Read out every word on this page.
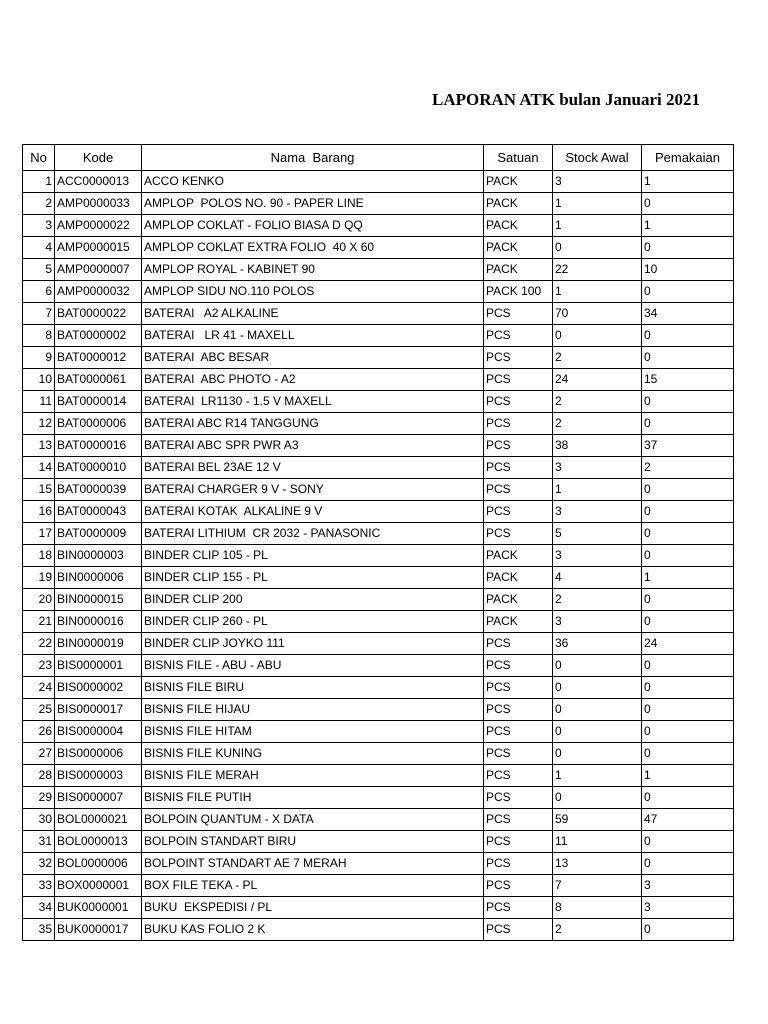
LAPORAN ATK bulan Januari 2021
No	Kode	Nama  Barang	Satuan	Stock Awal	Pemakaian
1	ACC0000013	ACCO KENKO	PACK	3	1
2	AMP0000033	AMPLOP  POLOS NO. 90 - PAPER LINE	PACK	1	0
3	AMP0000022	AMPLOP COKLAT - FOLIO BIASA D QQ	PACK	1	1
4	AMP0000015	AMPLOP COKLAT EXTRA FOLIO  40 X 60	PACK	0	0
5	AMP0000007	AMPLOP ROYAL - KABINET 90	PACK	22	10
6	AMP0000032	AMPLOP SIDU NO.110 POLOS	PACK 100	1	0
7	BAT0000022	BATERAI   A2 ALKALINE	PCS	70	34
8	BAT0000002	BATERAI   LR 41 - MAXELL	PCS	0	0
9	BAT0000012	BATERAI  ABC BESAR	PCS	2	0
10	BAT0000061	BATERAI  ABC PHOTO - A2	PCS	24	15
11	BAT0000014	BATERAI  LR1130 - 1.5 V MAXELL	PCS	2	0
12	BAT0000006	BATERAI ABC R14 TANGGUNG	PCS	2	0
13	BAT0000016	BATERAI ABC SPR PWR A3	PCS	38	37
14	BAT0000010	BATERAI BEL 23AE 12 V	PCS	3	2
15	BAT0000039	BATERAI CHARGER 9 V - SONY	PCS	1	0
16	BAT0000043	BATERAI KOTAK  ALKALINE 9 V	PCS	3	0
17	BAT0000009	BATERAI LITHIUM  CR 2032 - PANASONIC	PCS	5	0
18	BIN0000003	BINDER CLIP 105 - PL	PACK	3	0
19	BIN0000006	BINDER CLIP 155 - PL	PACK	4	1
20	BIN0000015	BINDER CLIP 200	PACK	2	0
21	BIN0000016	BINDER CLIP 260 - PL	PACK	3	0
22	BIN0000019	BINDER CLIP JOYKO 111	PCS	36	24
23	BIS0000001	BISNIS FILE - ABU - ABU	PCS	0	0
24	BIS0000002	BISNIS FILE BIRU	PCS	0	0
25	BIS0000017	BISNIS FILE HIJAU	PCS	0	0
26	BIS0000004	BISNIS FILE HITAM	PCS	0	0
27	BIS0000006	BISNIS FILE KUNING	PCS	0	0
28	BIS0000003	BISNIS FILE MERAH	PCS	1	1
29	BIS0000007	BISNIS FILE PUTIH	PCS	0	0
30	BOL0000021	BOLPOIN QUANTUM - X DATA	PCS	59	47
31	BOL0000013	BOLPOIN STANDART BIRU	PCS	11	0
32	BOL0000006	BOLPOINT STANDART AE 7 MERAH	PCS	13	0
33	BOX0000001	BOX FILE TEKA - PL	PCS	7	3
34	BUK0000001	BUKU  EKSPEDISI / PL	PCS	8	3
35	BUK0000017	BUKU KAS FOLIO 2 K	PCS	2	0
